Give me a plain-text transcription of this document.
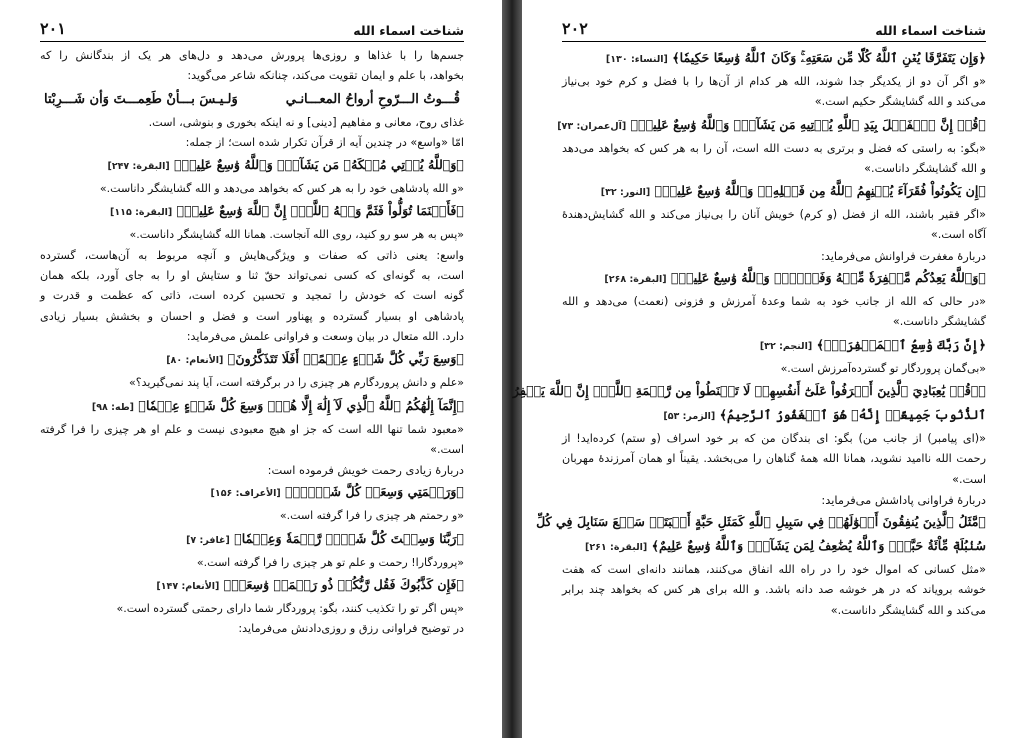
شناخت اسماء الله
۲۰۱
جسم‌ها را با غذاها و روزی‌ها پرورش می‌دهد و دل‌های هر یک از بندگانش را که
بخواهد، با علم و ایمان تقویت می‌کند، چنانکه شاعر می‌گوید:
قُـــوتُ الـــرّوحِ أرواحُ المعـــانـي
وَلـيـسَ بـــأنْ طَعِمـــتَ وَأن شَـــرِبْتا
غذای روح، معانی و مفاهیم [دینی] و نه اینکه بخوری و بنوشی، است.
امّا «واسع» در چندین آیه از قرآن تکرار شده است؛ از جمله:
﴿وَٱللَّهُ يُؤۡتِي مُلۡكَهُۥ مَن يَشَآءُۚ وَٱللَّهُ وَٰسِعٌ عَلِيمٞ﴾ [البقرة: ۲۴۷]
«و الله پادشاهی خود را به هر کس که بخواهد می‌دهد و الله گشایشگر داناست.»
﴿فَأَيۡنَمَا تُوَلُّواْ فَثَمَّ وَجۡهُ ٱللَّهِۚ إِنَّ ٱللَّهَ وَٰسِعٌ عَلِيمٞ﴾ [البقرة: ۱۱۵]
«پس به هر سو رو کنید، روی الله آنجاست. همانا الله گشایشگر داناست.»
واسع: یعنی ذاتی که صفات و ویژگی‌هایش و آنچه مربوط به آن‌هاست، گسترده
است، به گونه‌ای که کسی نمی‌تواند حقّ ثنا و ستایش او را به جای آورد، بلکه همان
گونه است که خودش را تمجید و تحسین کرده است، ذاتی که عظمت و قدرت و
پادشاهی او بسیار گسترده و پهناور است و فضل و احسان و بخشش بسیار زیادی
دارد. الله متعال در بیان وسعت و فراوانی علمش می‌فرماید:
﴿وَسِعَ رَبِّي كُلَّ شَيۡءٍ عِلۡمًاۚ أَفَلَا تَتَذَكَّرُونَ﴾ [الأنعام: ۸۰]
«علم و دانش پروردگارم هر چیزی را در برگرفته است، آیا پند نمی‌گیرید؟»
﴿إِنَّمَآ إِلَٰهُكُمُ ٱللَّهُ ٱلَّذِي لَآ إِلَٰهَ إِلَّا هُوَۚ وَسِعَ كُلَّ شَيۡءٍ عِلۡمٗا﴾ [طه: ۹۸]
«معبود شما تنها الله است که جز او هیچ معبودی نیست و علم او هر چیزی را فرا گرفته
است.»
دربارهٔ زیادی رحمت خویش فرموده است:
﴿وَرَحۡمَتِي وَسِعَتۡ كُلَّ شَيۡءٖۚ﴾ [الأعراف: ۱۵۶]
«و رحمتم هر چیزی را فرا گرفته است.»
﴿رَبَّنَا وَسِعۡتَ كُلَّ شَيۡءٖ رَّحۡمَةٗ وَعِلۡمٗا﴾ [غافر: ۷]
«پروردگارا! رحمت و علم تو هر چیزی را فرا گرفته است.»
﴿فَإِن كَذَّبُوكَ فَقُل رَّبُّكُمۡ ذُو رَحۡمَةٖ وَٰسِعَةٖ﴾ [الأنعام: ۱۴۷]
«پس اگر تو را تکذیب کنند، بگو: پروردگار شما دارای رحمتی گسترده است.»
در توضیح فراوانی رزق و روزی‌دادنش می‌فرماید:
شناخت اسماء الله
۲۰۲
﴿وَإِن يَتَفَرَّقَا يُغۡنِ ٱللَّهُ كُلّٗا مِّن سَعَتِهِۦۚ وَكَانَ ٱللَّهُ وَٰسِعًا حَكِيمٗا﴾ [النساء: ۱۳۰]
«و اگر آن دو از یکدیگر جدا شوند، الله هر کدام از آن‌ها را با فضل و کرم خود بی‌نیاز
می‌کند و الله گشایشگر حکیم است.»
﴿قُلۡ إِنَّ ٱلۡفَضۡلَ بِيَدِ ٱللَّهِ يُؤۡتِيهِ مَن يَشَآءُۗ وَٱللَّهُ وَٰسِعٌ عَلِيمٞ﴾ [آل‌عمران: ۷۳]
«بگو: به راستی که فضل و برتری به دست الله است، آن را به هر کس که بخواهد می‌دهد
و الله گشایشگر داناست.»
﴿إِن يَكُونُواْ فُقَرَآءَ يُغۡنِهِمُ ٱللَّهُ مِن فَضۡلِهِۦۗ وَٱللَّهُ وَٰسِعٌ عَلِيمٞ﴾ [النور: ۳۲]
«اگر فقیر باشند، الله از فضل (و کرم) خویش آنان را بی‌نیاز می‌کند و الله گشایش‌دهندهٔ
آگاه است.»
دربارهٔ مغفرت فراوانش می‌فرماید:
﴿وَٱللَّهُ يَعِدُكُم مَّغۡفِرَةٗ مِّنۡهُ وَفَضۡلٗاۗ وَٱللَّهُ وَٰسِعٌ عَلِيمٞ﴾ [البقرة: ۲۶۸]
«در حالی که الله از جانب خود به شما وعدهٔ آمرزش و فزونی (نعمت) می‌دهد و الله
گشایشگر داناست.»
﴿إِنَّ رَبَّكَ وَٰسِعُ ٱلۡمَغۡفِرَةِۚ﴾ [النجم: ۳۲]
«بی‌گمان پروردگار تو گسترده‌آمرزش است.»
﴿۞قُلۡ يَٰعِبَادِيَ ٱلَّذِينَ أَسۡرَفُواْ عَلَىٰٓ أَنفُسِهِمۡ لَا تَقۡنَطُواْ مِن رَّحۡمَةِ ٱللَّهِۚ إِنَّ ٱللَّهَ يَغۡفِرُ
ٱلذُّنُوبَ جَمِيعًاۚ إِنَّهُۥ هُوَ ٱلۡغَفُورُ ٱلرَّحِيمُ﴾ [الزمر: ۵۳]
«(ای پیامبر) از جانب من) بگو: ای بندگان من که بر خود اسراف (و ستم) کرده‌اید! از
رحمت الله ناامید نشوید، همانا الله همهٔ گناهان را می‌بخشد. یقیناً او همان آمرزندهٔ مهربان
است.»
دربارهٔ فراوانی پاداشش می‌فرماید:
﴿مَّثَلُ ٱلَّذِينَ يُنفِقُونَ أَمۡوَٰلَهُمۡ فِي سَبِيلِ ٱللَّهِ كَمَثَلِ حَبَّةٍ أَنۢبَتَتۡ سَبۡعَ سَنَابِلَ فِي كُلِّ
سُنۢبُلَةٖ مِّاْئَةُ حَبَّةٖۗ وَٱللَّهُ يُضَٰعِفُ لِمَن يَشَآءُۚ وَٱللَّهُ وَٰسِعٌ عَلِيمٌ﴾ [البقرة: ۲۶۱]
«مثل کسانی که اموال خود را در راه الله انفاق می‌کنند، همانند دانه‌ای است که هفت
خوشه برویاند که در هر خوشه صد دانه باشد. و الله برای هر کس که بخواهد چند برابر
می‌کند و الله گشایشگر داناست.»
